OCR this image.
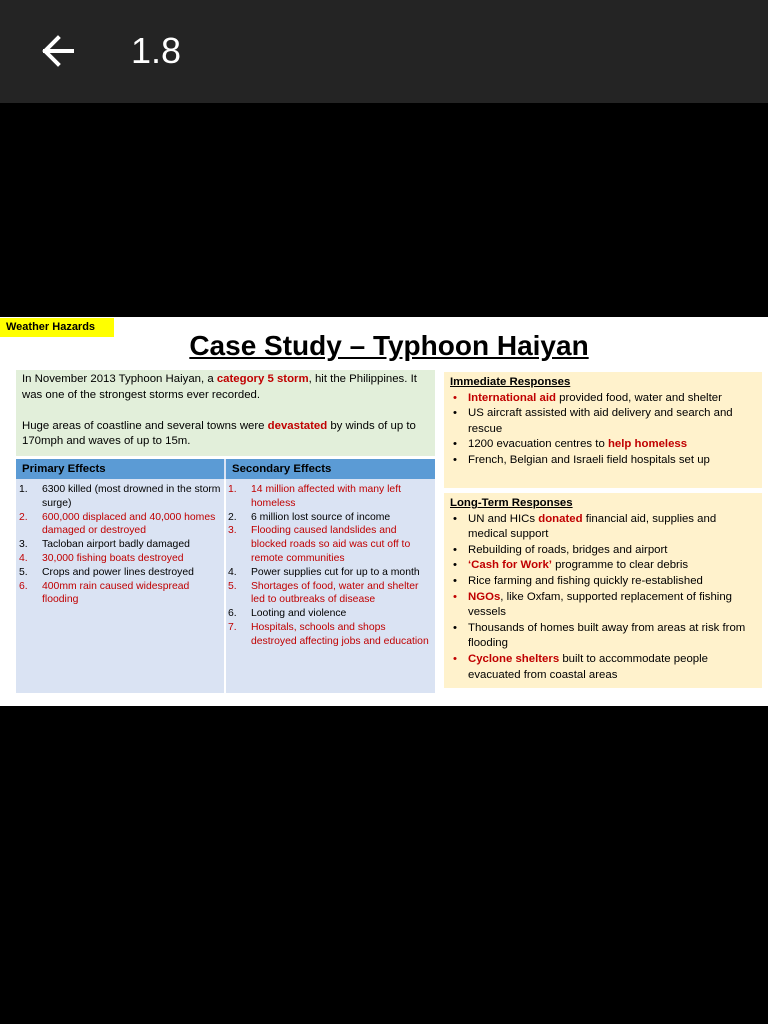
1.8
Weather Hazards
Case Study – Typhoon Haiyan

In November 2013 Typhoon Haiyan, a category 5 storm, hit the Philippines. It was one of the strongest storms ever recorded.

Huge areas of coastline and several towns were devastated by winds of up to 170mph and waves of up to 15m.

Primary Effects	Secondary Effects
1. 6300 killed (most drowned in the storm surge)
2. 600,000 displaced and 40,000 homes damaged or destroyed
3. Tacloban airport badly damaged
4. 30,000 fishing boats destroyed
5. Crops and power lines destroyed
6. 400mm rain caused widespread flooding
1. 14 million affected with many left homeless
2. 6 million lost source of income
3. Flooding caused landslides and blocked roads so aid was cut off to remote communities
4. Power supplies cut for up to a month
5. Shortages of food, water and shelter led to outbreaks of disease
6. Looting and violence
7. Hospitals, schools and shops destroyed affecting jobs and education
Immediate Responses
• International aid provided food, water and shelter
• US aircraft assisted with aid delivery and search and rescue
• 1200 evacuation centres to help homeless
• French, Belgian and Israeli field hospitals set up
Long-Term Responses
• UN and HICs donated financial aid, supplies and medical support
• Rebuilding of roads, bridges and airport
• ‘Cash for Work’ programme to clear debris
• Rice farming and fishing quickly re-established
• NGOs, like Oxfam, supported replacement of fishing vessels
• Thousands of homes built away from areas at risk from flooding
• Cyclone shelters built to accommodate people evacuated from coastal areas
